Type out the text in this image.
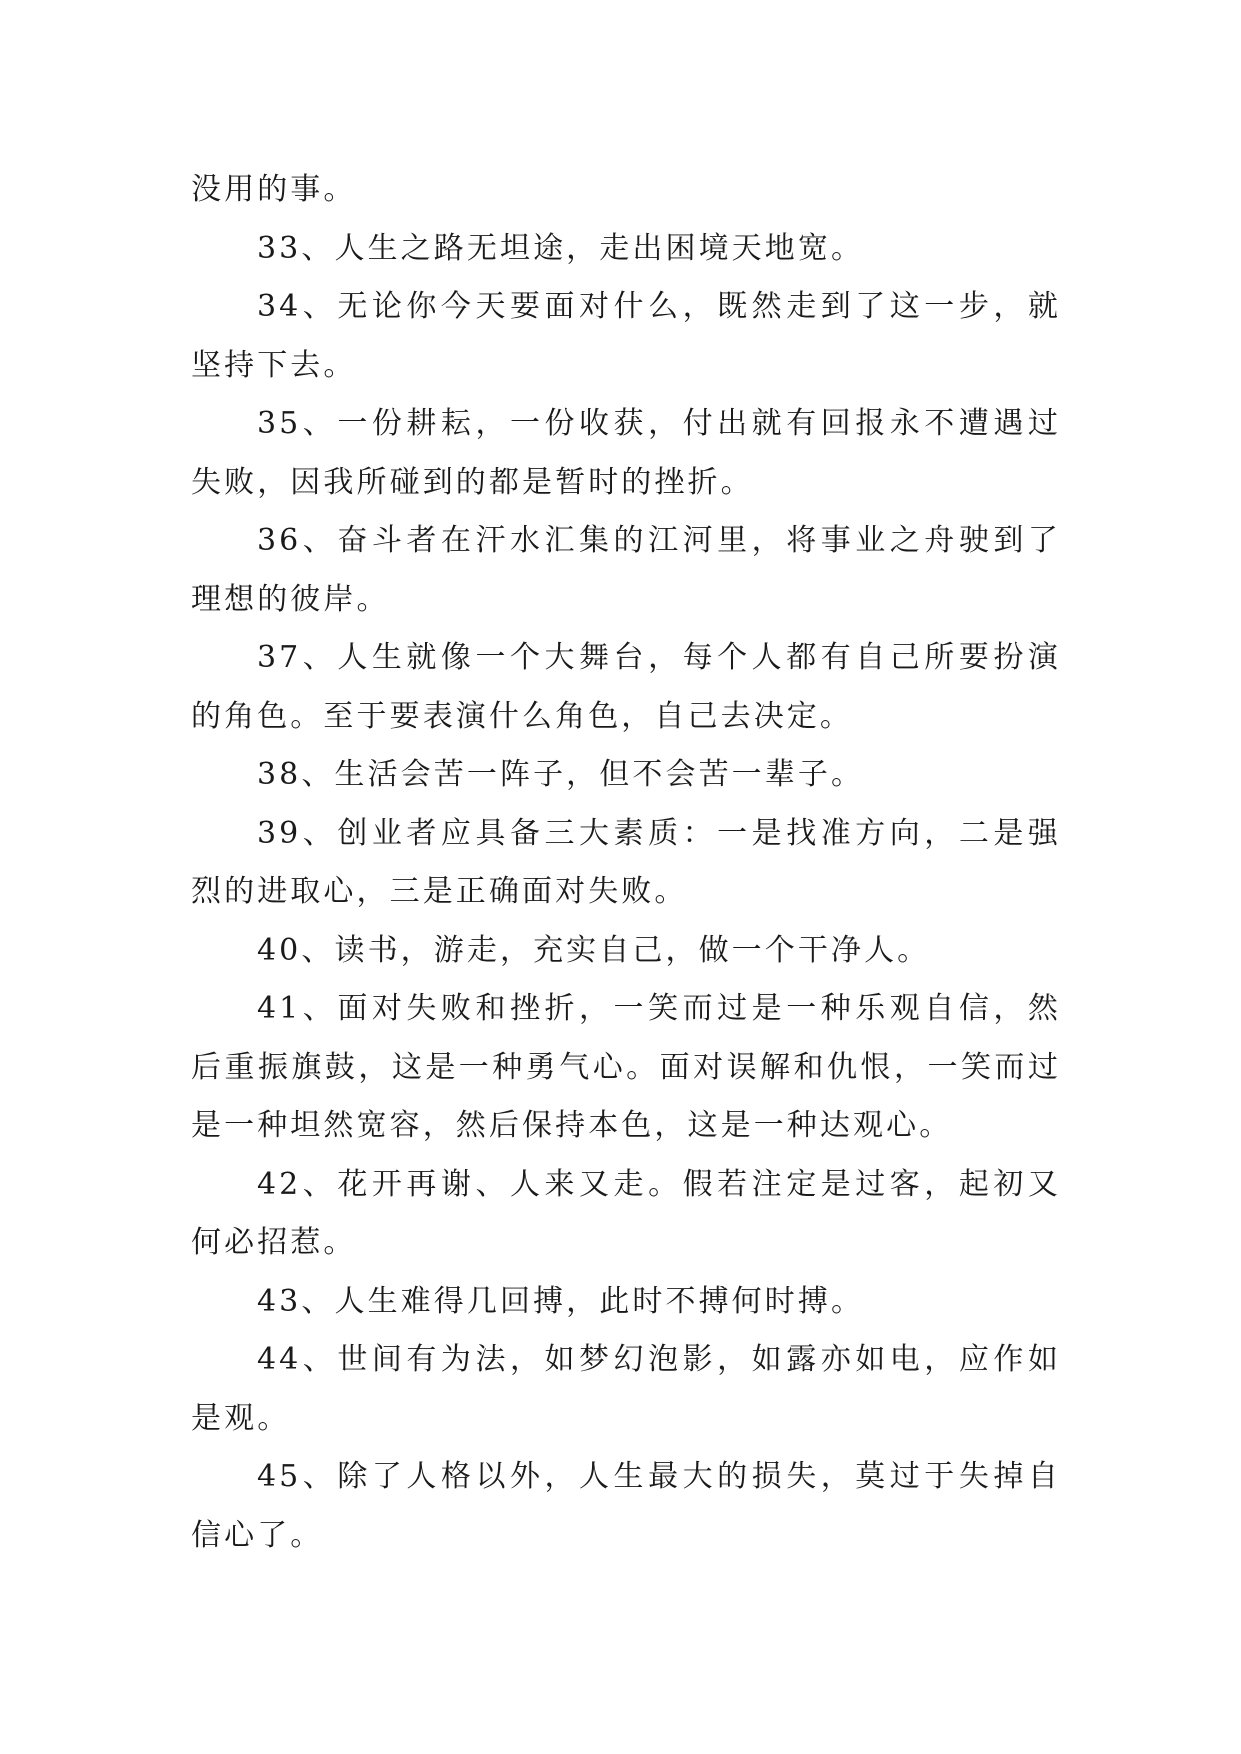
没用的事。

33、人生之路无坦途，走出困境天地宽。

34、无论你今天要面对什么，既然走到了这一步，就坚持下去。

35、一份耕耘，一份收获，付出就有回报永不遭遇过失败，因我所碰到的都是暂时的挫折。

36、奋斗者在汗水汇集的江河里，将事业之舟驶到了理想的彼岸。

37、人生就像一个大舞台，每个人都有自己所要扮演的角色。至于要表演什么角色，自己去决定。

38、生活会苦一阵子，但不会苦一辈子。

39、创业者应具备三大素质：一是找准方向，二是强烈的进取心，三是正确面对失败。

40、读书，游走，充实自己，做一个干净人。

41、面对失败和挫折，一笑而过是一种乐观自信，然后重振旗鼓，这是一种勇气心。面对误解和仇恨，一笑而过是一种坦然宽容，然后保持本色，这是一种达观心。

42、花开再谢、人来又走。假若注定是过客，起初又何必招惹。

43、人生难得几回搏，此时不搏何时搏。

44、世间有为法，如梦幻泡影，如露亦如电，应作如是观。

45、除了人格以外，人生最大的损失，莫过于失掉自信心了。
